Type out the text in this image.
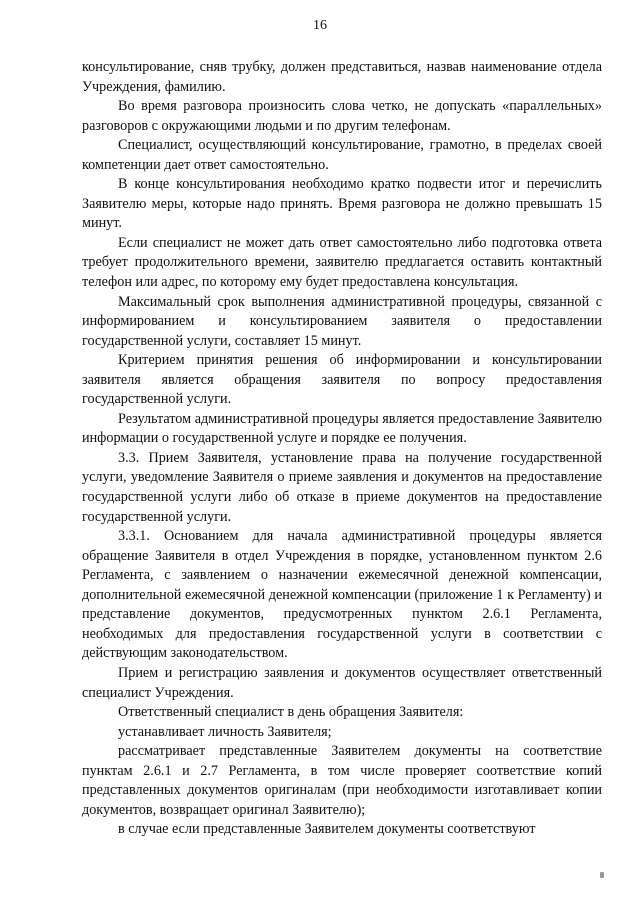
16

консультирование, сняв трубку, должен представиться, назвав наименование отдела Учреждения, фамилию.

Во время разговора произносить слова четко, не допускать «параллельных» разговоров с окружающими людьми и по другим телефонам.

Специалист, осуществляющий консультирование, грамотно, в пределах своей компетенции дает ответ самостоятельно.

В конце консультирования необходимо кратко подвести итог и перечислить Заявителю меры, которые надо принять. Время разговора не должно превышать 15 минут.

Если специалист не может дать ответ самостоятельно либо подготовка ответа требует продолжительного времени, заявителю предлагается оставить контактный телефон или адрес, по которому ему будет предоставлена консультация.

Максимальный срок выполнения административной процедуры, связанной с информированием и консультированием заявителя о предоставлении государственной услуги, составляет 15 минут.

Критерием принятия решения об информировании и консультировании заявителя является обращения заявителя по вопросу предоставления государственной услуги.

Результатом административной процедуры является предоставление Заявителю информации о государственной услуге и порядке ее получения.

3.3. Прием Заявителя, установление права на получение государственной услуги, уведомление Заявителя о приеме заявления и документов на предоставление государственной услуги либо об отказе в приеме документов на предоставление государственной услуги.

3.3.1. Основанием для начала административной процедуры является обращение Заявителя в отдел Учреждения в порядке, установленном пунктом 2.6 Регламента, с заявлением о назначении ежемесячной денежной компенсации, дополнительной ежемесячной денежной компенсации (приложение 1 к Регламенту) и представление документов, предусмотренных пунктом 2.6.1 Регламента, необходимых для предоставления государственной услуги в соответствии с действующим законодательством.

Прием и регистрацию заявления и документов осуществляет ответственный специалист Учреждения.

Ответственный специалист в день обращения Заявителя:

устанавливает личность Заявителя;

рассматривает представленные Заявителем документы на соответствие пунктам 2.6.1 и 2.7 Регламента, в том числе проверяет соответствие копий представленных документов оригиналам (при необходимости изготавливает копии документов, возвращает оригинал Заявителю);

в случае если представленные Заявителем документы соответствуют
